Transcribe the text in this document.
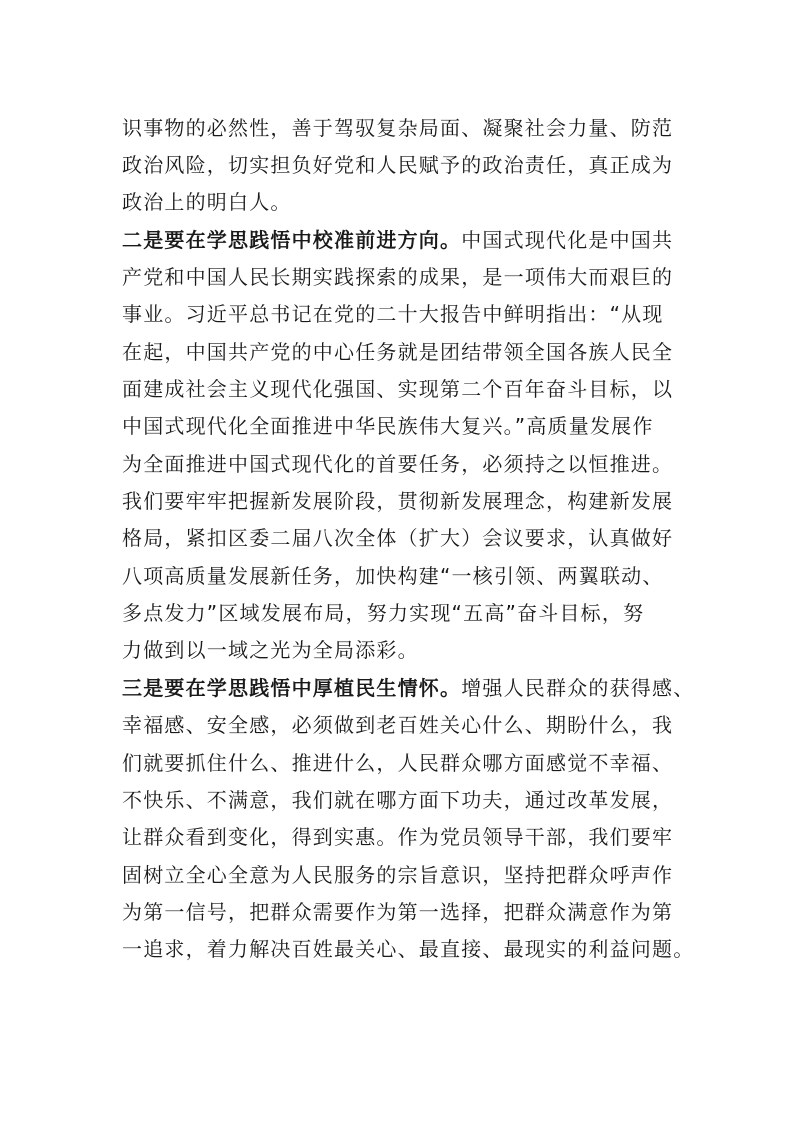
识事物的必然性，善于驾驭复杂局面、凝聚社会力量、防范
政治风险，切实担负好党和人民赋予的政治责任，真正成为
政治上的明白人。
二是要在学思践悟中校准前进方向。中国式现代化是中国共
产党和中国人民长期实践探索的成果，是一项伟大而艰巨的
事业。习近平总书记在党的二十大报告中鲜明指出：“从现
在起，中国共产党的中心任务就是团结带领全国各族人民全
面建成社会主义现代化强国、实现第二个百年奋斗目标，以
中国式现代化全面推进中华民族伟大复兴。”高质量发展作
为全面推进中国式现代化的首要任务，必须持之以恒推进。
我们要牢牢把握新发展阶段，贯彻新发展理念，构建新发展
格局，紧扣区委二届八次全体（扩大）会议要求，认真做好
八项高质量发展新任务，加快构建“一核引领、两翼联动、
多点发力”区域发展布局，努力实现“五高”奋斗目标，努
力做到以一域之光为全局添彩。
三是要在学思践悟中厚植民生情怀。增强人民群众的获得感、
幸福感、安全感，必须做到老百姓关心什么、期盼什么，我
们就要抓住什么、推进什么，人民群众哪方面感觉不幸福、
不快乐、不满意，我们就在哪方面下功夫，通过改革发展，
让群众看到变化，得到实惠。作为党员领导干部，我们要牢
固树立全心全意为人民服务的宗旨意识，坚持把群众呼声作
为第一信号，把群众需要作为第一选择，把群众满意作为第
一追求，着力解决百姓最关心、最直接、最现实的利益问题。
